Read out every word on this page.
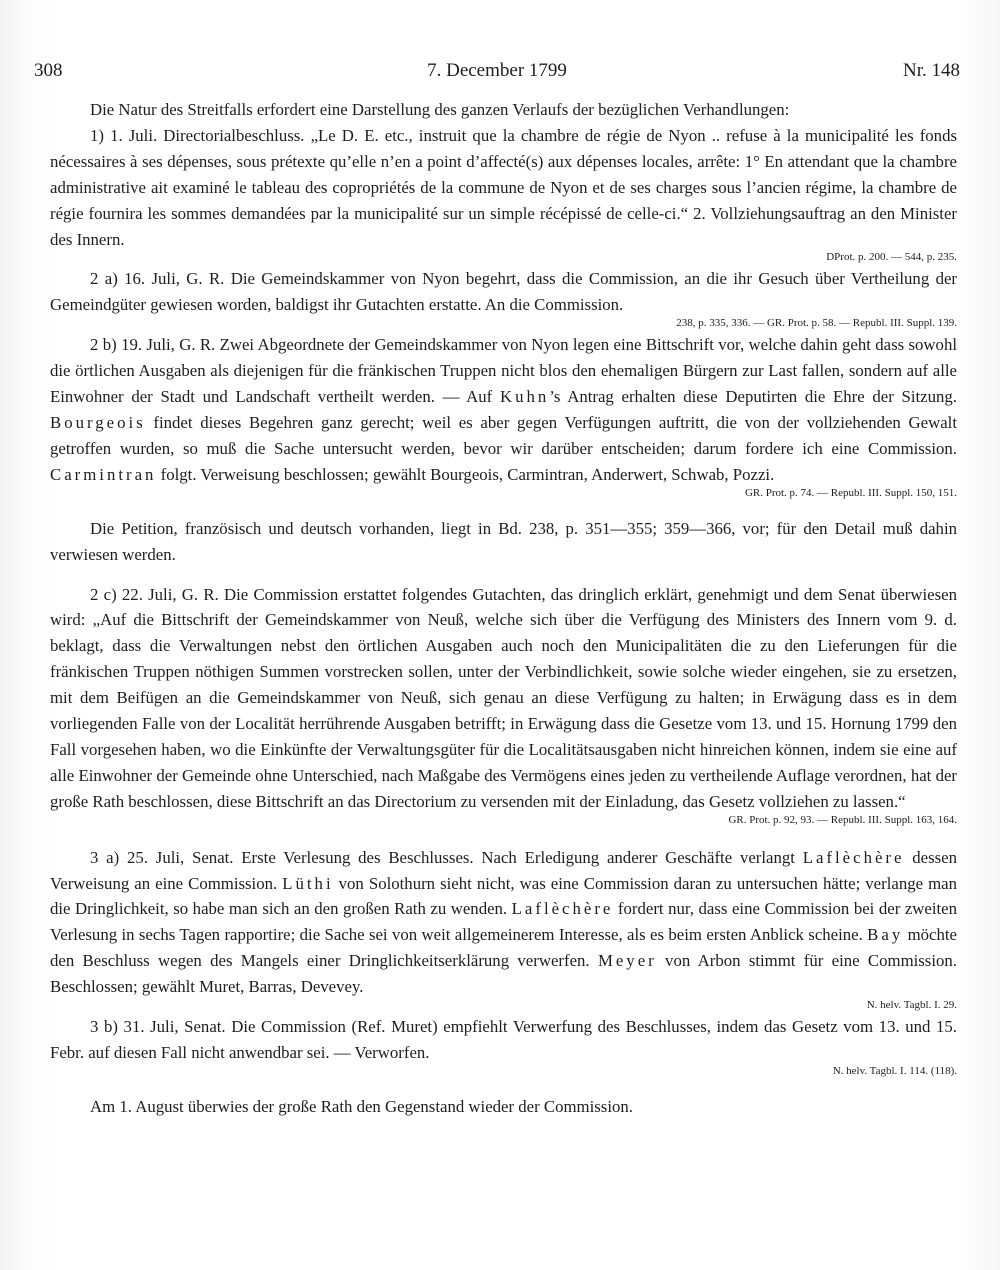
308	7. December 1799	Nr. 148

Die Natur des Streitfalls erfordert eine Darstellung des ganzen Verlaufs der bezüglichen Verhandlungen:

1) 1. Juli. Directorialbeschluss. „Le D. E. etc., instruit que la chambre de régie de Nyon .. refuse à la municipalité les fonds nécessaires à ses dépenses, sous prétexte qu’elle n’en a point d’affecté(s) aux dépenses locales, arrête: 1° En attendant que la chambre administrative ait examiné le tableau des copropriétés de la commune de Nyon et de ses charges sous l’ancien régime, la chambre de régie fournira les sommes demandées par la municipalité sur un simple récépissé de celle-ci.“ 2. Vollziehungsauftrag an den Minister des Innern.

DProt. p. 200. — 544, p. 235.

2 a) 16. Juli, G. R. Die Gemeindskammer von Nyon begehrt, dass die Commission, an die ihr Gesuch über Vertheilung der Gemeindgüter gewiesen worden, baldigst ihr Gutachten erstatte. An die Commission.

238, p. 335, 336. — GR. Prot. p. 58. — Republ. III. Suppl. 139.

2 b) 19. Juli, G. R. Zwei Abgeordnete der Gemeindskammer von Nyon legen eine Bittschrift vor, welche dahin geht dass sowohl die örtlichen Ausgaben als diejenigen für die fränkischen Truppen nicht blos den ehemaligen Bürgern zur Last fallen, sondern auf alle Einwohner der Stadt und Landschaft vertheilt werden. — Auf Kuhn’s Antrag erhalten diese Deputirten die Ehre der Sitzung. Bourgeois findet dieses Begehren ganz gerecht; weil es aber gegen Verfügungen auftritt, die von der vollziehenden Gewalt getroffen wurden, so muß die Sache untersucht werden, bevor wir darüber entscheiden; darum fordere ich eine Commission. Carmintran folgt. Verweisung beschlossen; gewählt Bourgeois, Carmintran, Anderwert, Schwab, Pozzi.

GR. Prot. p. 74. — Republ. III. Suppl. 150, 151.

Die Petition, französisch und deutsch vorhanden, liegt in Bd. 238, p. 351—355; 359—366, vor; für den Detail muß dahin verwiesen werden.

2 c) 22. Juli, G. R. Die Commission erstattet folgendes Gutachten, das dringlich erklärt, genehmigt und dem Senat überwiesen wird: „Auf die Bittschrift der Gemeindskammer von Neuß, welche sich über die Verfügung des Ministers des Innern vom 9. d. beklagt, dass die Verwaltungen nebst den örtlichen Ausgaben auch noch den Municipalitäten die zu den Lieferungen für die fränkischen Truppen nöthigen Summen vorstrecken sollen, unter der Verbindlichkeit, sowie solche wieder eingehen, sie zu ersetzen, mit dem Beifügen an die Gemeindskammer von Neuß, sich genau an diese Verfügung zu halten; in Erwägung dass es in dem vorliegenden Falle von der Localität herrührende Ausgaben betrifft; in Erwägung dass die Gesetze vom 13. und 15. Hornung 1799 den Fall vorgesehen haben, wo die Einkünfte der Verwaltungsgüter für die Localitätsausgaben nicht hinreichen können, indem sie eine auf alle Einwohner der Gemeinde ohne Unterschied, nach Maßgabe des Vermögens eines jeden zu vertheilende Auflage verordnen, hat der große Rath beschlossen, diese Bittschrift an das Directorium zu versenden mit der Einladung, das Gesetz vollziehen zu lassen.“

GR. Prot. p. 92, 93. — Republ. III. Suppl. 163, 164.

3 a) 25. Juli, Senat. Erste Verlesung des Beschlusses. Nach Erledigung anderer Geschäfte verlangt Laflèchère dessen Verweisung an eine Commission. Lüthi von Solothurn sieht nicht, was eine Commission daran zu untersuchen hätte; verlange man die Dringlichkeit, so habe man sich an den großen Rath zu wenden. Laflèchère fordert nur, dass eine Commission bei der zweiten Verlesung in sechs Tagen rapportire; die Sache sei von weit allgemeinerem Interesse, als es beim ersten Anblick scheine. Bay möchte den Beschluss wegen des Mangels einer Dringlichkeitserklärung verwerfen. Meyer von Arbon stimmt für eine Commission. Beschlossen; gewählt Muret, Barras, Devevey.

N. helv. Tagbl. I. 29.

3 b) 31. Juli, Senat. Die Commission (Ref. Muret) empfiehlt Verwerfung des Beschlusses, indem das Gesetz vom 13. und 15. Febr. auf diesen Fall nicht anwendbar sei. — Verworfen.

N. helv. Tagbl. I. 114. (118).

Am 1. August überwies der große Rath den Gegenstand wieder der Commission.
